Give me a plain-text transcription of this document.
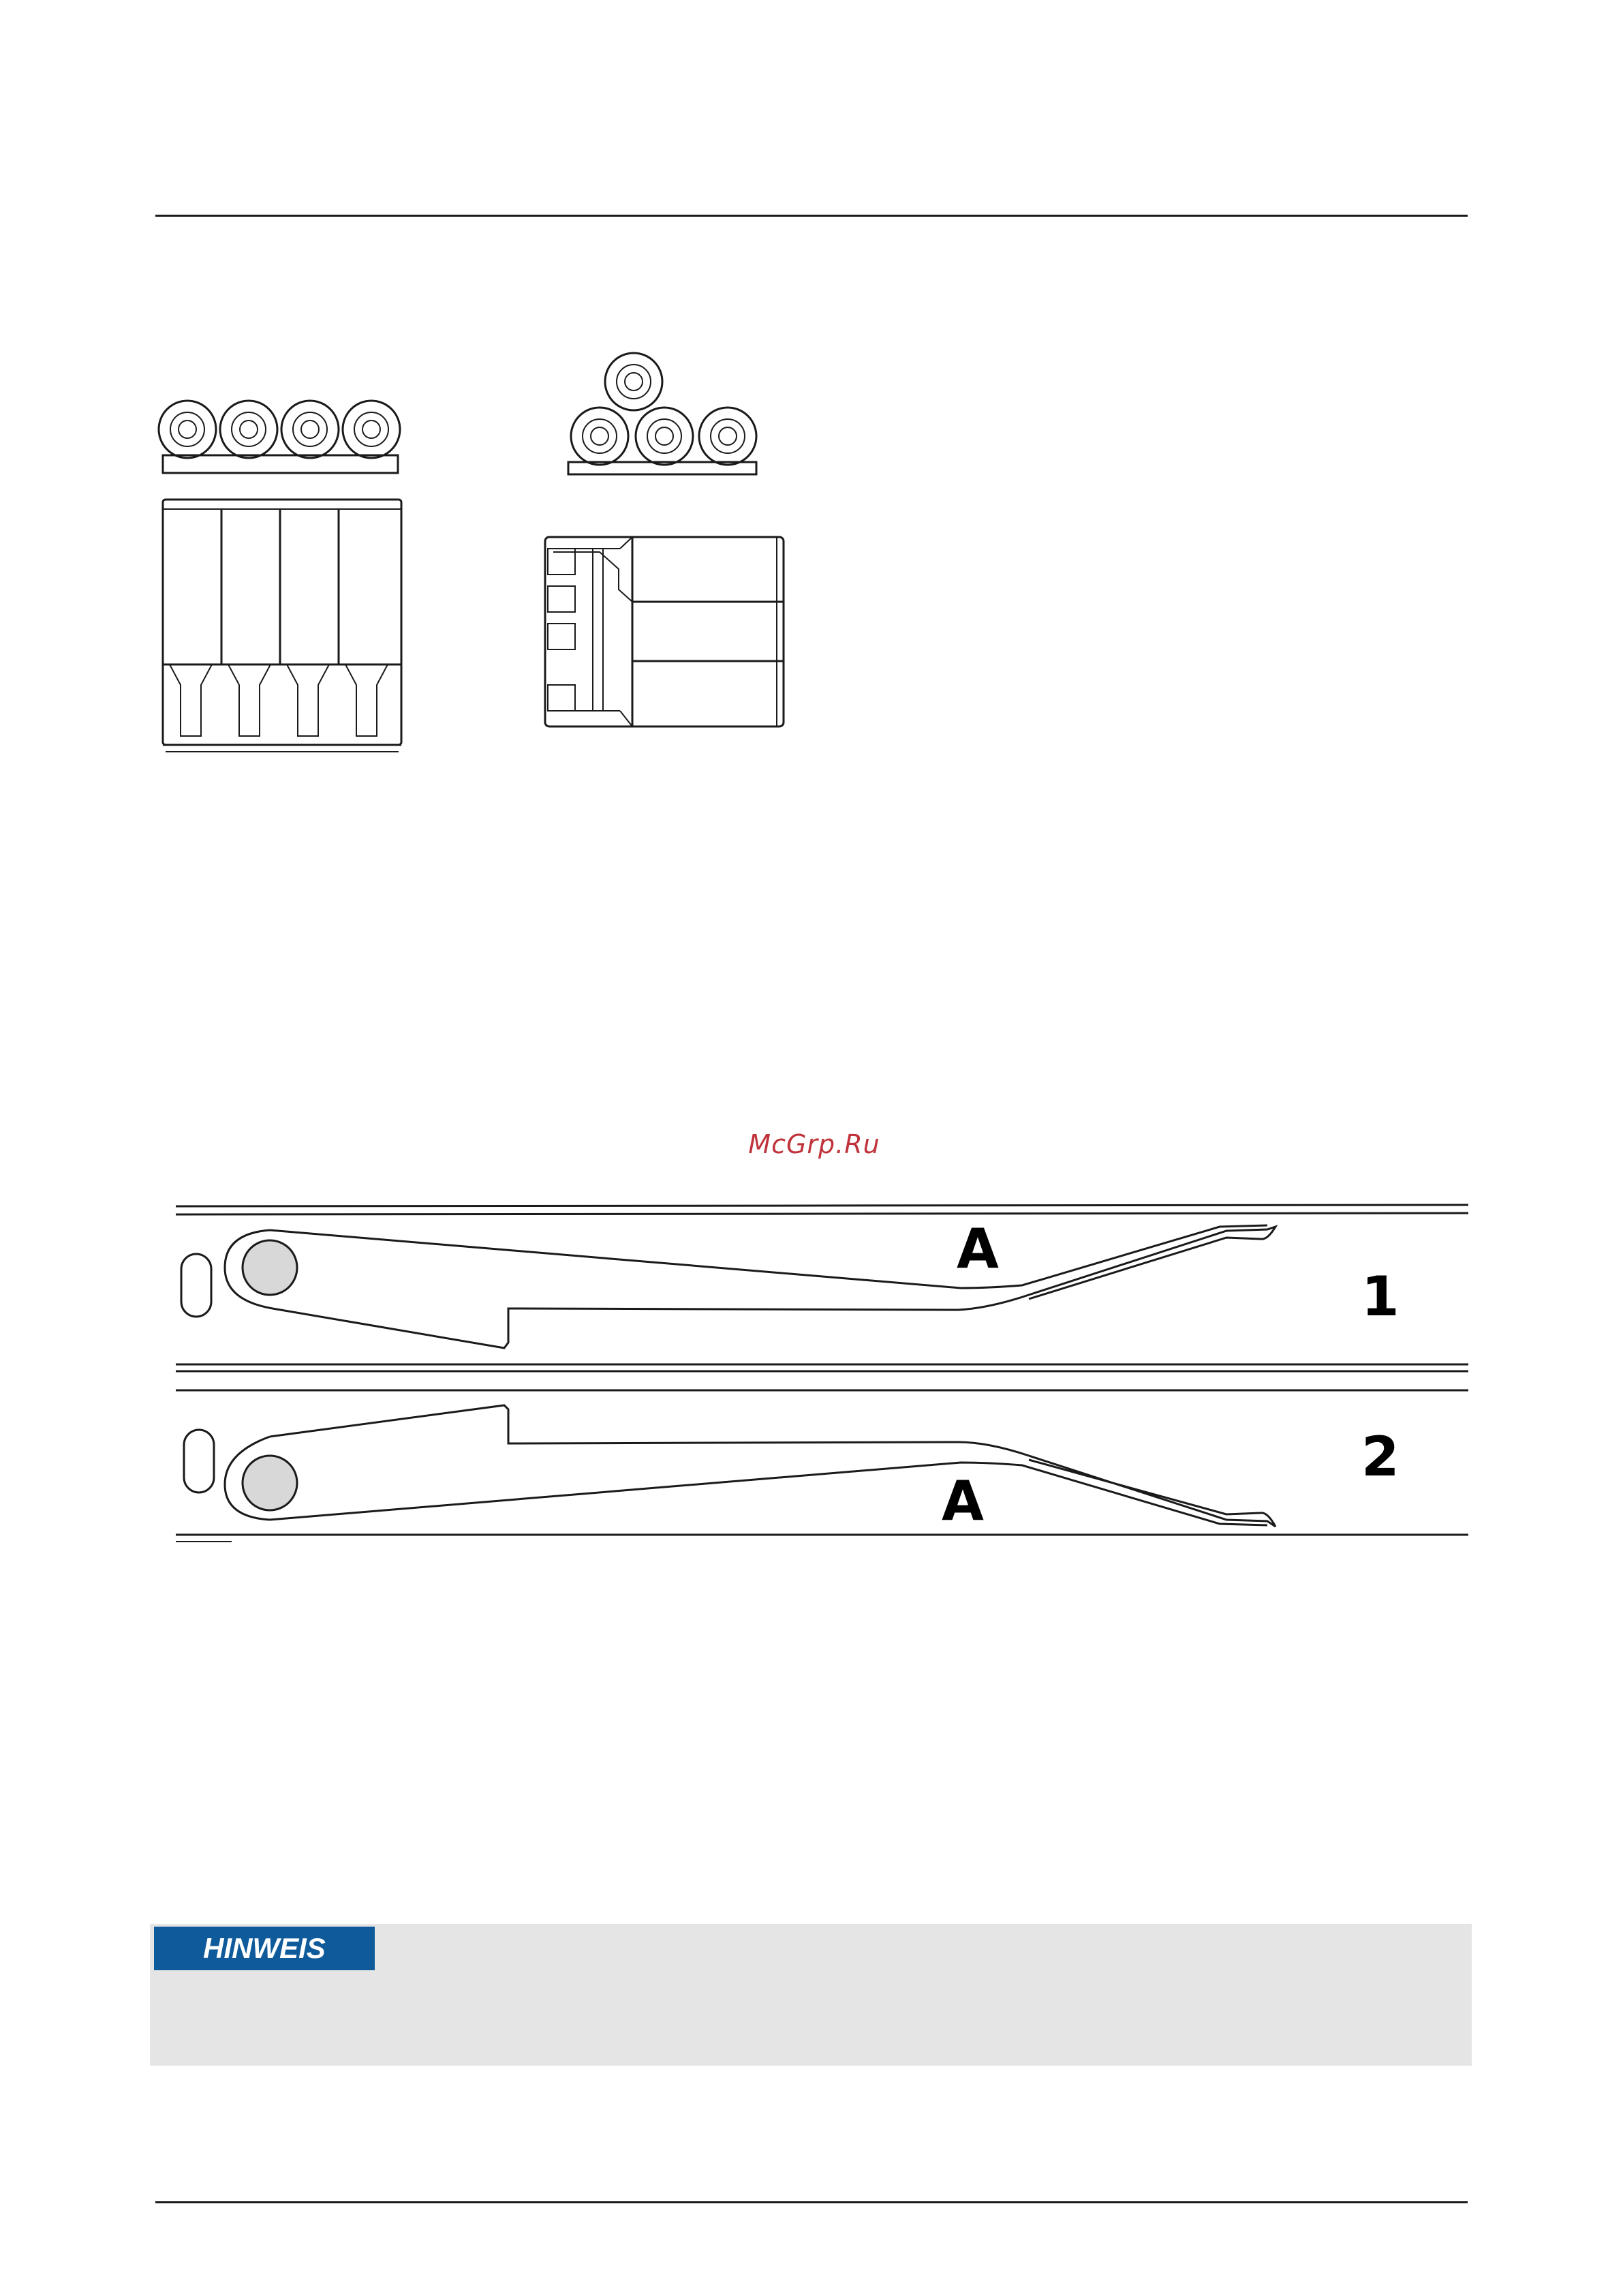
McGrp.Ru
A
1
A
2
HINWEIS
